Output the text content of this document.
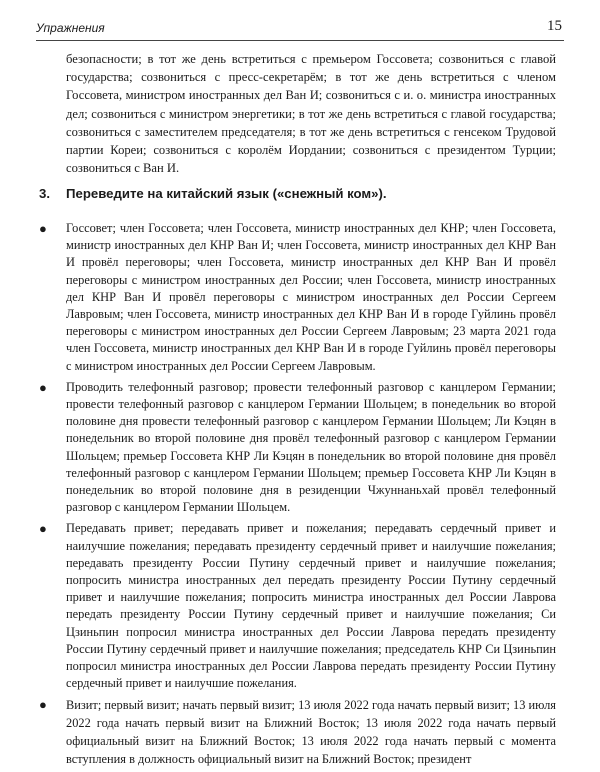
Упражнения	15
безопасности; в тот же день встретиться с премьером Госсовета; созвониться с главой государства; созвониться с пресс-секретарём; в тот же день встретиться с членом Госсовета, министром иностранных дел Ван И; созвониться с и. о. министра иностранных дел; созвониться с министром энергетики; в тот же день встретиться с главой государства; созвониться с заместителем председателя; в тот же день встретиться с генсеком Трудовой партии Кореи; созвониться с королём Иордании; созвониться с президентом Турции; созвониться с Ван И.
3. Переведите на китайский язык («снежный ком»).
● Госсовет; член Госсовета; член Госсовета, министр иностранных дел КНР; член Госсовета, министр иностранных дел КНР Ван И; член Госсовета, министр иностранных дел КНР Ван И провёл переговоры; член Госсовета, министр иностранных дел КНР Ван И провёл переговоры с министром иностранных дел России; член Госсовета, министр иностранных дел КНР Ван И провёл переговоры с министром иностранных дел России Сергеем Лавровым; член Госсовета, министр иностранных дел КНР Ван И в городе Гуйлинь провёл переговоры с министром иностранных дел России Сергеем Лавровым; 23 марта 2021 года член Госсовета, министр иностранных дел КНР Ван И в городе Гуйлинь провёл переговоры с министром иностранных дел России Сергеем Лавровым.
● Проводить телефонный разговор; провести телефонный разговор с канцлером Германии; провести телефонный разговор с канцлером Германии Шольцем; в понедельник во второй половине дня провести телефонный разговор с канцлером Германии Шольцем; Ли Кэцян в понедельник во второй половине дня провёл телефонный разговор с канцлером Германии Шольцем; премьер Госсовета КНР Ли Кэцян в понедельник во второй половине дня провёл телефонный разговор с канцлером Германии Шольцем; премьер Госсовета КНР Ли Кэцян в понедельник во второй половине дня в резиденции Чжуннаньхай провёл телефонный разговор с канцлером Германии Шольцем.
● Передавать привет; передавать привет и пожелания; передавать сердечный привет и наилучшие пожелания; передавать президенту сердечный привет и наилучшие пожелания; передавать президенту России Путину сердечный привет и наилучшие пожелания; попросить министра иностранных дел передать президенту России Путину сердечный привет и наилучшие пожелания; попросить министра иностранных дел России Лаврова передать президенту России Путину сердечный привет и наилучшие пожелания; Си Цзиньпин попросил министра иностранных дел России Лаврова передать президенту России Путину сердечный привет и наилучшие пожелания; председатель КНР Си Цзиньпин попросил министра иностранных дел России Лаврова передать президенту России Путину сердечный привет и наилучшие пожелания.
● Визит; первый визит; начать первый визит; 13 июля 2022 года начать первый визит; 13 июля 2022 года начать первый визит на Ближний Восток; 13 июля 2022 года начать первый официальный визит на Ближний Восток; 13 июля 2022 года начать первый с момента вступления в должность официальный визит на Ближний Восток; президент
